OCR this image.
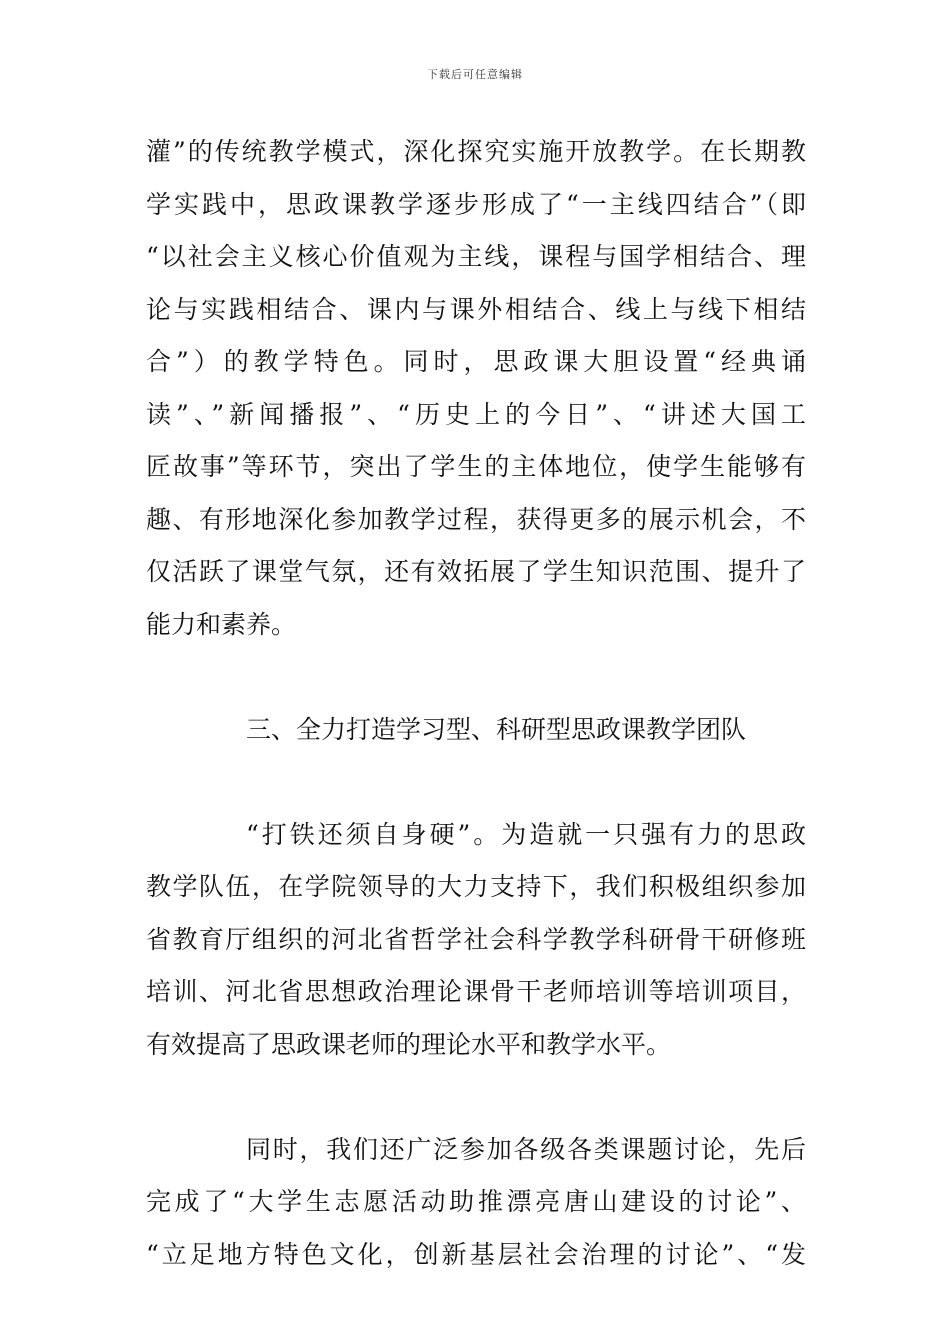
下载后可任意编辑
灌”的传统教学模式，深化探究实施开放教学。在长期教
学实践中，思政课教学逐步形成了“一主线四结合”（即
“以社会主义核心价值观为主线，课程与国学相结合、理
论与实践相结合、课内与课外相结合、线上与线下相结
合”）的教学特色。同时，思政课大胆设置“经典诵
读”、”新闻播报”、“历史上的今日”、“讲述大国工
匠故事”等环节，突出了学生的主体地位，使学生能够有
趣、有形地深化参加教学过程，获得更多的展示机会，不
仅活跃了课堂气氛，还有效拓展了学生知识范围、提升了
能力和素养。
三、全力打造学习型、科研型思政课教学团队
“打铁还须自身硬”。为造就一只强有力的思政
教学队伍，在学院领导的大力支持下，我们积极组织参加
省教育厅组织的河北省哲学社会科学教学科研骨干研修班
培训、河北省思想政治理论课骨干老师培训等培训项目，
有效提高了思政课老师的理论水平和教学水平。
同时，我们还广泛参加各级各类课题讨论，先后
完成了“大学生志愿活动助推漂亮唐山建设的讨论”、
“立足地方特色文化，创新基层社会治理的讨论”、“发
